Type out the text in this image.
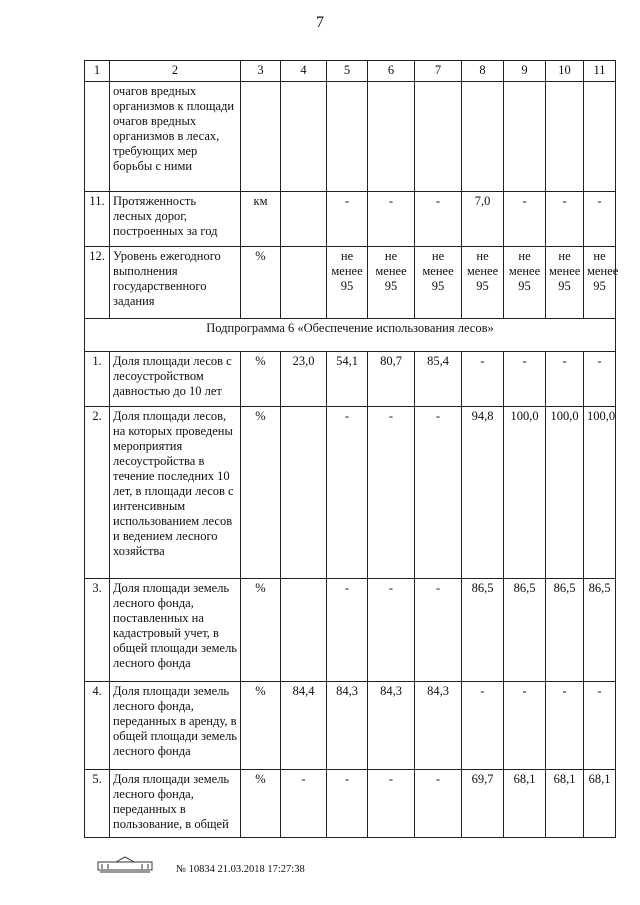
7
1	2	3	4	5	6	7	8	9	10	11
	очагов вредных организмов к площади очагов вредных организмов в лесах, требующих мер борьбы с ними									
11.	Протяженность лесных дорог, построенных за год	км		-	-	-	7,0	-	-	-
12.	Уровень ежегодного выполнения государственного задания	%		не менее 95	не менее 95	не менее 95	не менее 95	не менее 95	не менее 95	не менее 95
Подпрограмма 6 «Обеспечение использования лесов»										
1.	Доля площади лесов с лесоустройством давностью до 10 лет	%	23,0	54,1	80,7	85,4	-	-	-	-
2.	Доля площади лесов, на которых проведены мероприятия лесоустройства в течение последних 10 лет, в площади лесов с интенсивным использованием лесов и ведением лесного хозяйства	%		-	-	-	94,8	100,0	100,0	100,0
3.	Доля площади земель лесного фонда, поставленных на кадастровый учет, в общей площади земель лесного фонда	%		-	-	-	86,5	86,5	86,5	86,5
4.	Доля площади земель лесного фонда, переданных в аренду, в общей площади земель лесного фонда	%	84,4	84,3	84,3	84,3	-	-	-	-
5.	Доля площади земель лесного фонда, переданных в пользование, в общей	%	-	-	-	-	69,7	68,1	68,1	68,1
№ 10834 21.03.2018 17:27:38
